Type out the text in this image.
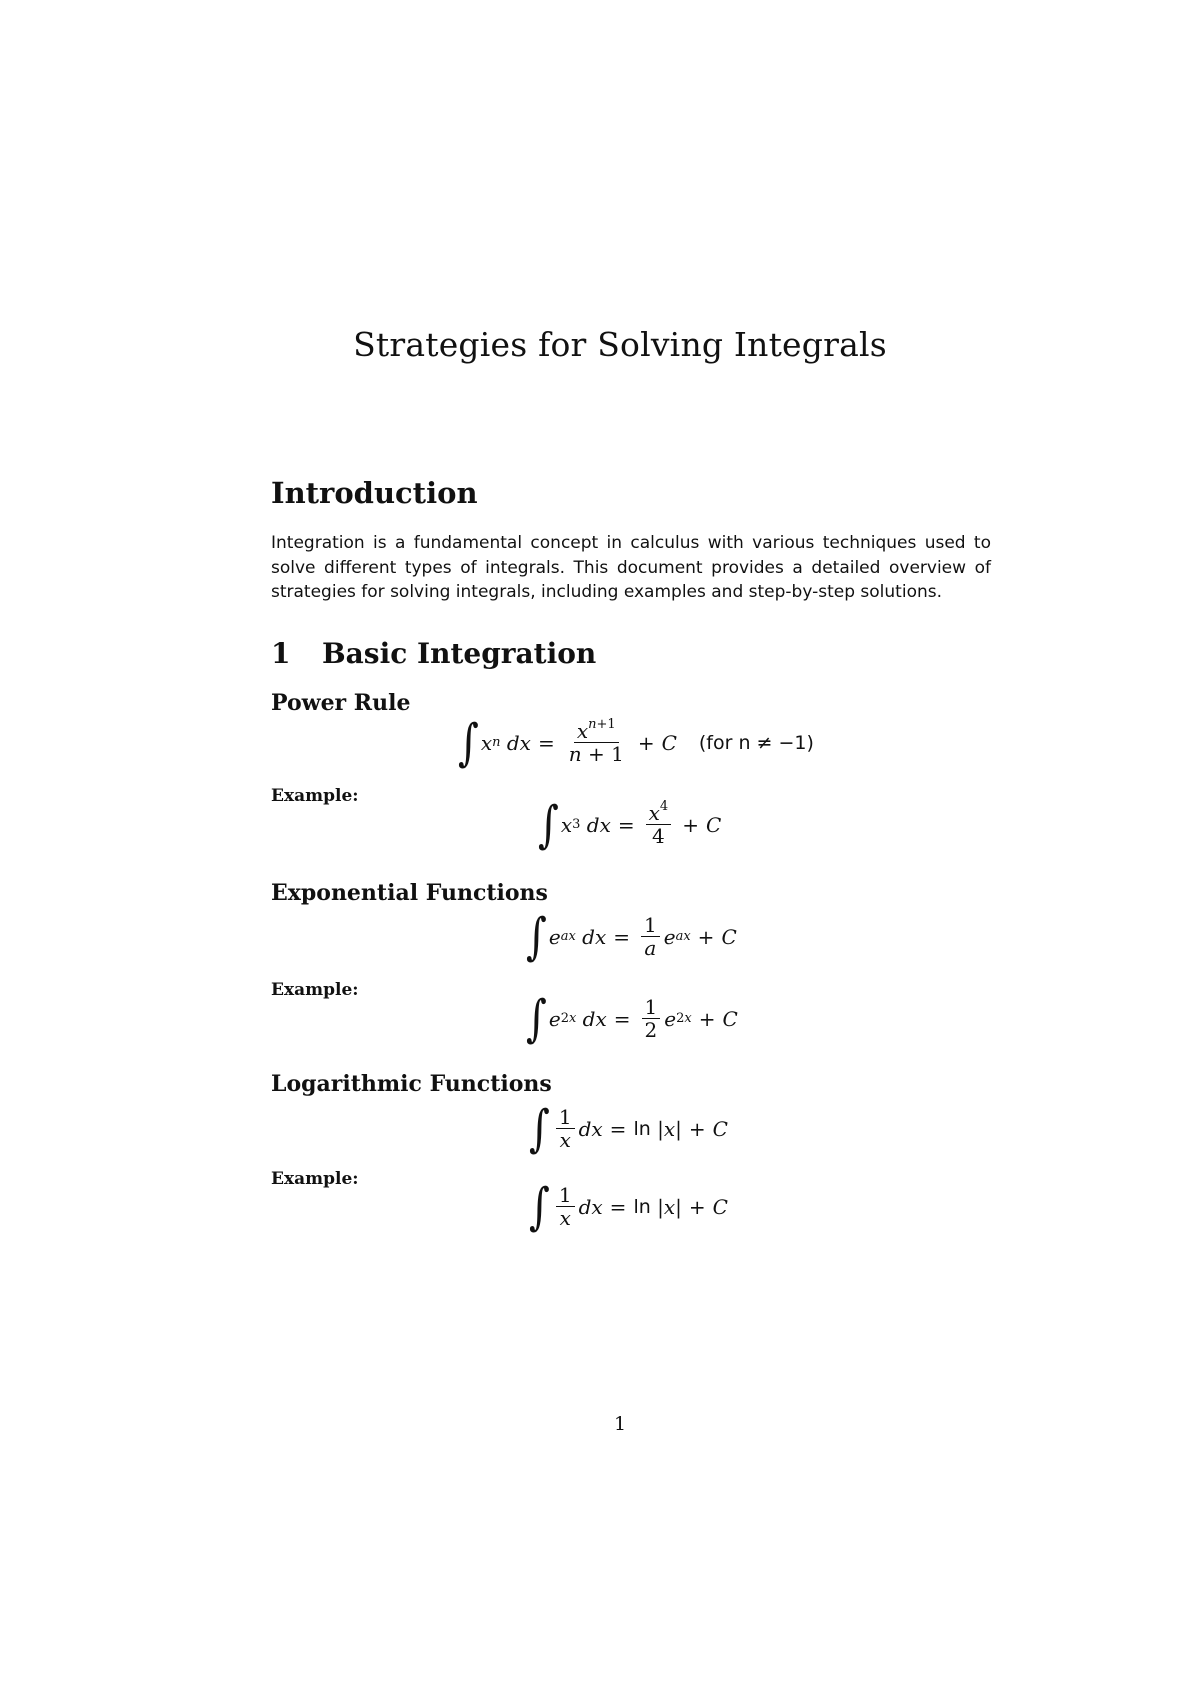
Strategies for Solving Integrals
Introduction
Integration is a fundamental concept in calculus with various techniques used to solve different types of integrals. This document provides a detailed overview of strategies for solving integrals, including examples and step-by-step solutions.
1 Basic Integration
Power Rule
∫ x n
dx = $\frac{x^{n+1}}{n + 1} + C$ (for n ≠ −1)
Example:	∫ x 3
dx = $\frac{x^4}{4} + C$
Exponential Functions
∫ e ax
dx = $\frac{1}{a}$ e ax + C
Example:	∫ e 2x
dx = $\frac{1}{2}$ e 2x + C
Logarithmic Functions
∫ $\frac{1}{x}$ dx = ln | x | + C
Example:	∫ $\frac{1}{x}$ dx = ln | x | + C
1
